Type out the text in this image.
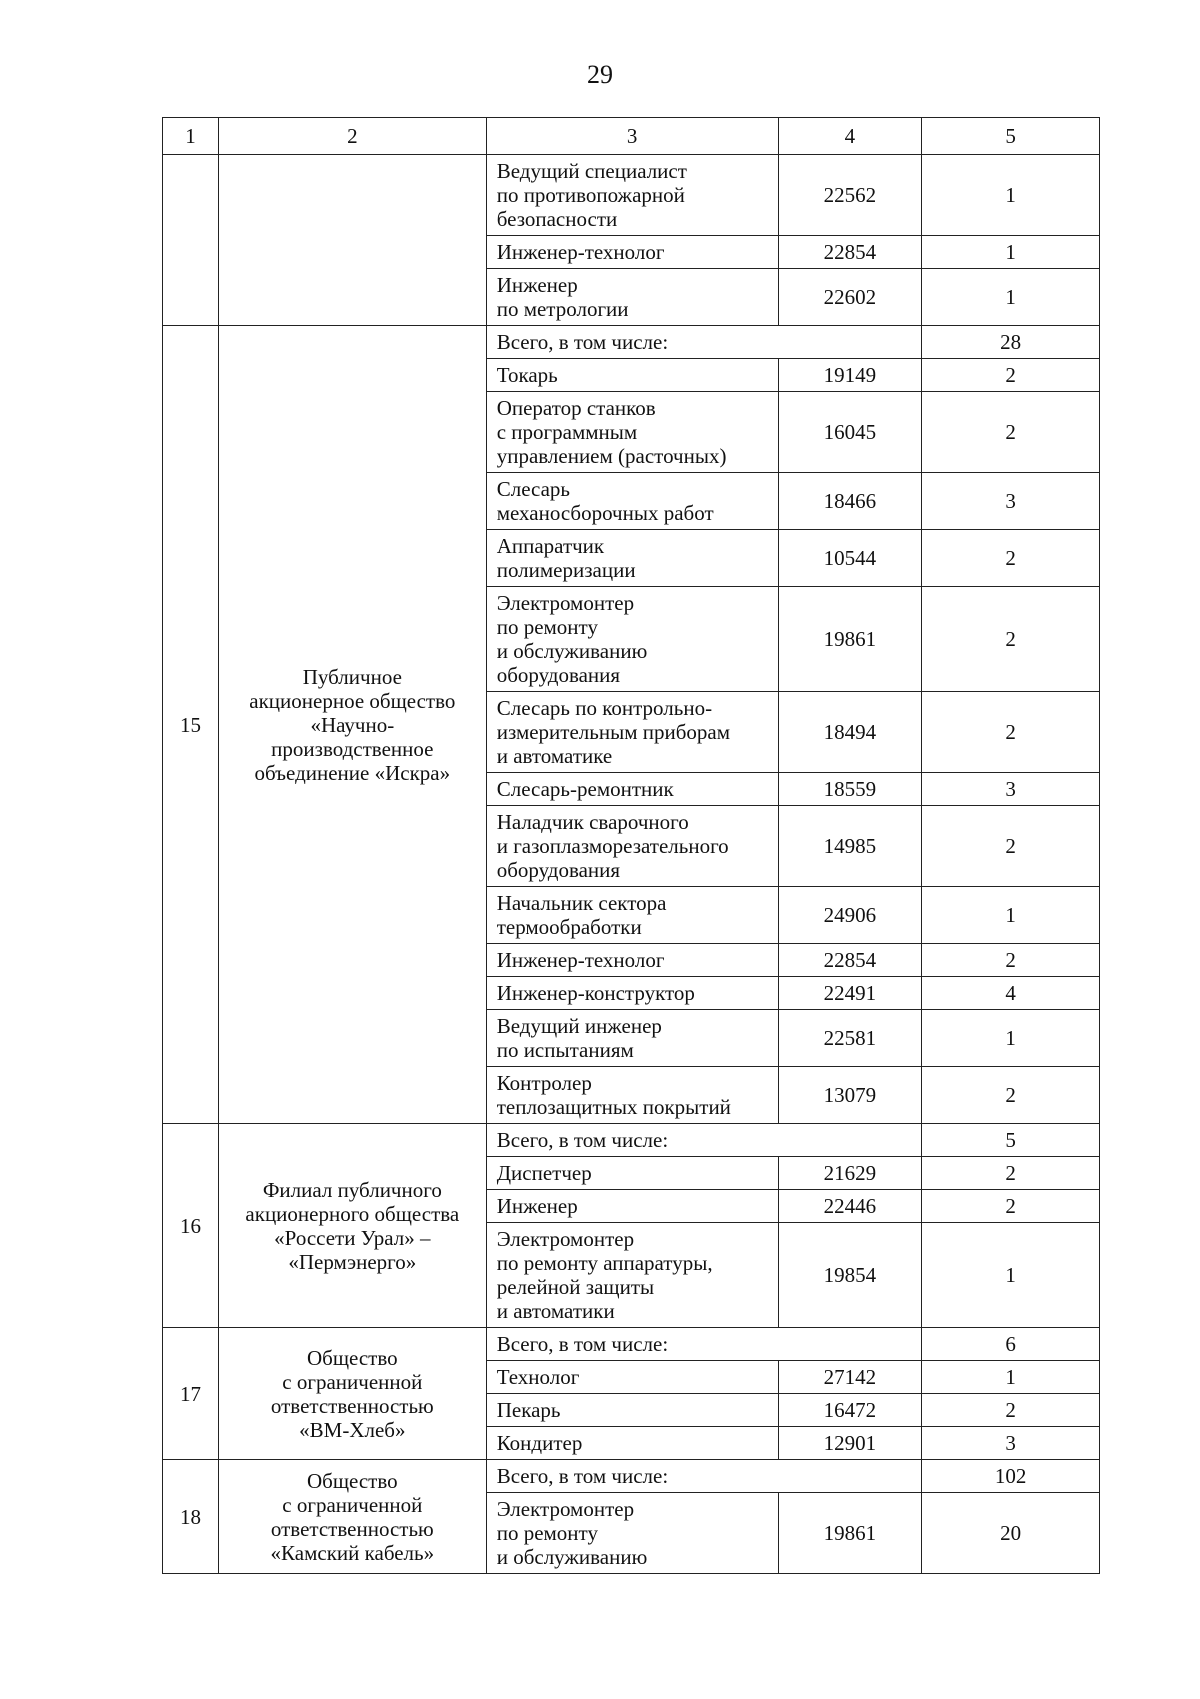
29
1	2	3	4	5
		Ведущий специалист
по противопожарной
безопасности	22562	1
		Инженер-технолог	22854	1
		Инженер
по метрологии	22602	1
15	Публичное
акционерное общество
«Научно-
производственное
объединение «Искра»	Всего, в том числе:		28
		Токарь	19149	2
		Оператор станков
с программным
управлением (расточных)	16045	2
		Слесарь
механосборочных работ	18466	3
		Аппаратчик
полимеризации	10544	2
		Электромонтер
по ремонту
и обслуживанию
оборудования	19861	2
		Слесарь по контрольно-
измерительным приборам
и автоматике	18494	2
		Слесарь-ремонтник	18559	3
		Наладчик сварочного
и газоплазморезательного
оборудования	14985	2
		Начальник сектора
термообработки	24906	1
		Инженер-технолог	22854	2
		Инженер-конструктор	22491	4
		Ведущий инженер
по испытаниям	22581	1
		Контролер
теплозащитных покрытий	13079	2
16	Филиал публичного
акционерного общества
«Россети Урал» –
«Пермэнерго»	Всего, в том числе:		5
		Диспетчер	21629	2
		Инженер	22446	2
		Электромонтер
по ремонту аппаратуры,
релейной защиты
и автоматики	19854	1
17	Общество
с ограниченной
ответственностью
«ВМ-Хлеб»	Всего, в том числе:		6
		Технолог	27142	1
		Пекарь	16472	2
		Кондитер	12901	3
18	Общество
с ограниченной
ответственностью
«Камский кабель»	Всего, в том числе:		102
		Электромонтер
по ремонту
и обслуживанию	19861	20
